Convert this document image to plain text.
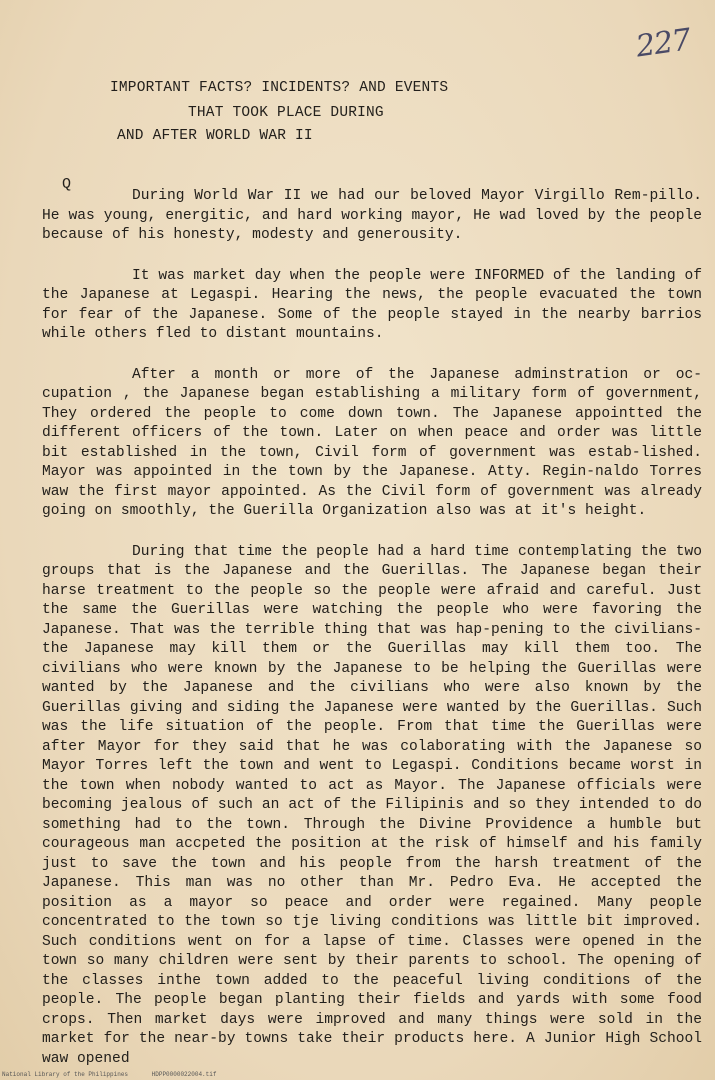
227
IMPORTANT FACTS? INCIDENTS? AND EVENTS
THAT TOOK PLACE DURING
AND AFTER WORLD WAR II
Q

During World War II we had our beloved Mayor Virgillo Rem-pillo. He was young, energitic, and hard working mayor, He wad loved by the people because of his honesty, modesty and generousity.

It was market day when the people were INFORMED of the landing of the Japanese at Legaspi. Hearing the news, the people evacuated the town for fear of the Japanese. Some of the people stayed in the nearby barrios while others fled to distant mountains.

After a month or more of the Japanese adminstration or oc-cupation , the Japanese began establishing a military form of government, They ordered the people to come down town. The Japanese appointted the different officers of the town. Later on when peace and order was little bit established in the town, Civil form of government was estab-lished. Mayor was appointed in the town by the Japanese. Atty. Regin-naldo Torres waw the first mayor appointed. As the Civil form of government was already going on smoothly, the Guerilla Organization also was at it's height.

During that time the people had a hard time contemplating the two groups that is the Japanese and the Guerillas. The Japanese began their harse treatment to the people so the people were afraid and careful. Just the same the Guerillas were watching the people who were favoring the Japanese. That was the terrible thing that was hap-pening to the civilians- the Japanese may kill them or the Guerillas may kill them too. The civilians who were known by the Japanese to be helping the Guerillas were wanted by the Japanese and the civilians who were also known by the Guerillas giving and siding the Japanese were wanted by the Guerillas. Such was the life situation of the people. From that time the Guerillas were after Mayor for they said that he was colaborating with the Japanese so Mayor Torres left the town and went to Legaspi. Conditions became worst in the town when nobody wanted to act as Mayor. The Japanese officials were becoming jealous of such an act of the Filipinis and so they intended to do something had to the town. Through the Divine Providence a humble but courageous man accpeted the position at the risk of himself and his family just to save the town and his people from the harsh treatment of the Japanese. This man was no other than Mr. Pedro Eva. He accepted the position as a mayor so peace and order were regained. Many people concentrated to the town so tje living conditions was little bit improved. Such conditions went on for a lapse of time. Classes were opened in the town so many children were sent by their parents to school. The opening of the classes inthe town added to the peaceful living conditions of the people. The people began planting their fields and yards with some food crops. Then market days were improved and many things were sold in the market for the near-by towns take their products here. A Junior High School waw opened

National Library of the Philippines	HDPP0000022004.tif
